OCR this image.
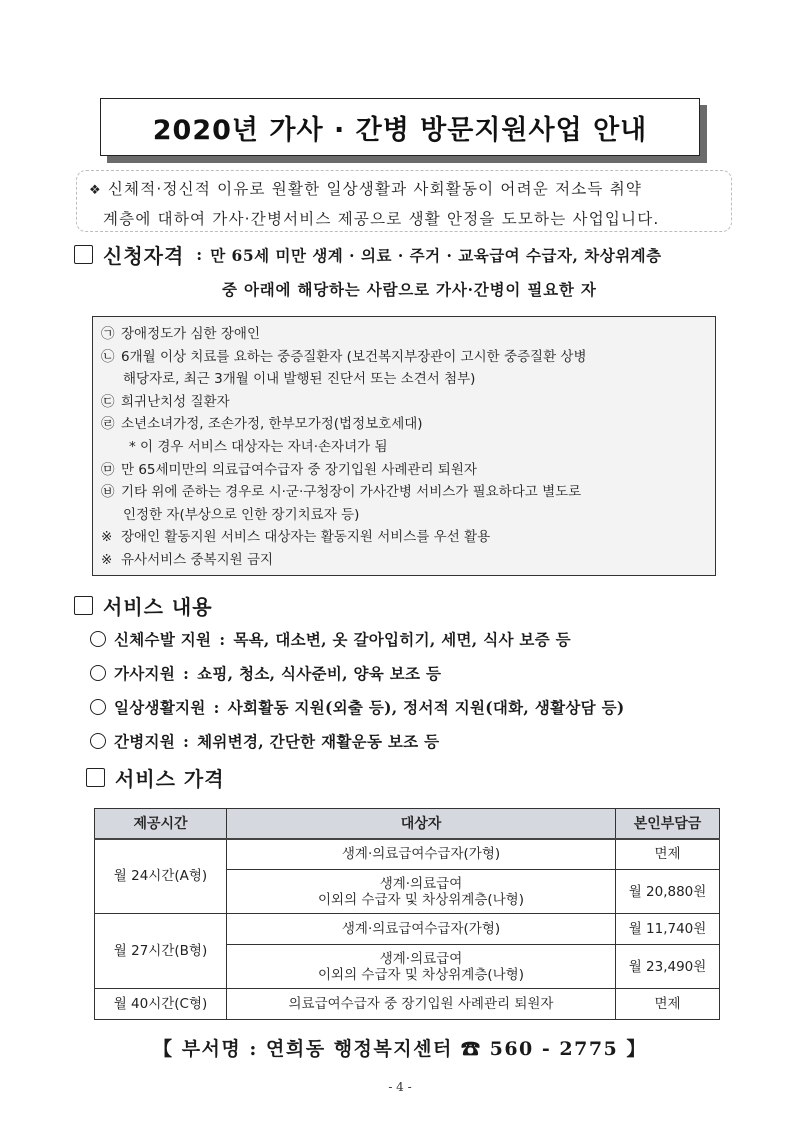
2020년 가사 · 간병 방문지원사업 안내
❖ 신체적·정신적 이유로 원활한 일상생활과 사회활동이 어려운 저소득 취약
계층에 대하여 가사·간병서비스 제공으로 생활 안정을 도모하는 사업입니다.
신청자격 : 만 65세 미만 생계 · 의료 · 주거 · 교육급여 수급자, 차상위계층
중 아래에 해당하는 사람으로 가사·간병이 필요한 자
㉠ 장애정도가 심한 장애인
㉡ 6개월 이상 치료를 요하는 중증질환자 (보건복지부장관이 고시한 중증질환 상병
해당자로, 최근 3개월 이내 발행된 진단서 또는 소견서 첨부)
㉢ 희귀난치성 질환자
㉣ 소년소녀가정, 조손가정, 한부모가정(법정보호세대)
* 이 경우 서비스 대상자는 자녀·손자녀가 됨
㉤ 만 65세미만의 의료급여수급자 중 장기입원 사례관리 퇴원자
㉥ 기타 위에 준하는 경우로 시·군·구청장이 가사간병 서비스가 필요하다고 별도로
인정한 자(부상으로 인한 장기치료자 등)
※ 장애인 활동지원 서비스 대상자는 활동지원 서비스를 우선 활용
※ 유사서비스 중복지원 금지
서비스 내용
신체수발 지원 : 목욕, 대소변, 옷 갈아입히기, 세면, 식사 보증 등
가사지원 : 쇼핑, 청소, 식사준비, 양육 보조 등
일상생활지원 : 사회활동 지원(외출 등), 정서적 지원(대화, 생활상담 등)
간병지원 : 체위변경, 간단한 재활운동 보조 등
서비스 가격
제공시간	대상자	본인부담금
월 24시간(A형)	생계·의료급여수급자(가형)	면제

	생계·의료급여
이외의 수급자 및 차상위계층(나형)	월 20,880원
월 27시간(B형)	생계·의료급여수급자(가형)	월 11,740원

	생계·의료급여
이외의 수급자 및 차상위계층(나형)	월 23,490원
월 40시간(C형)	의료급여수급자 중 장기입원 사례관리 퇴원자	면제
【 부서명 : 연희동 행정복지센터 ☎ 560 - 2775 】
- 4 -
